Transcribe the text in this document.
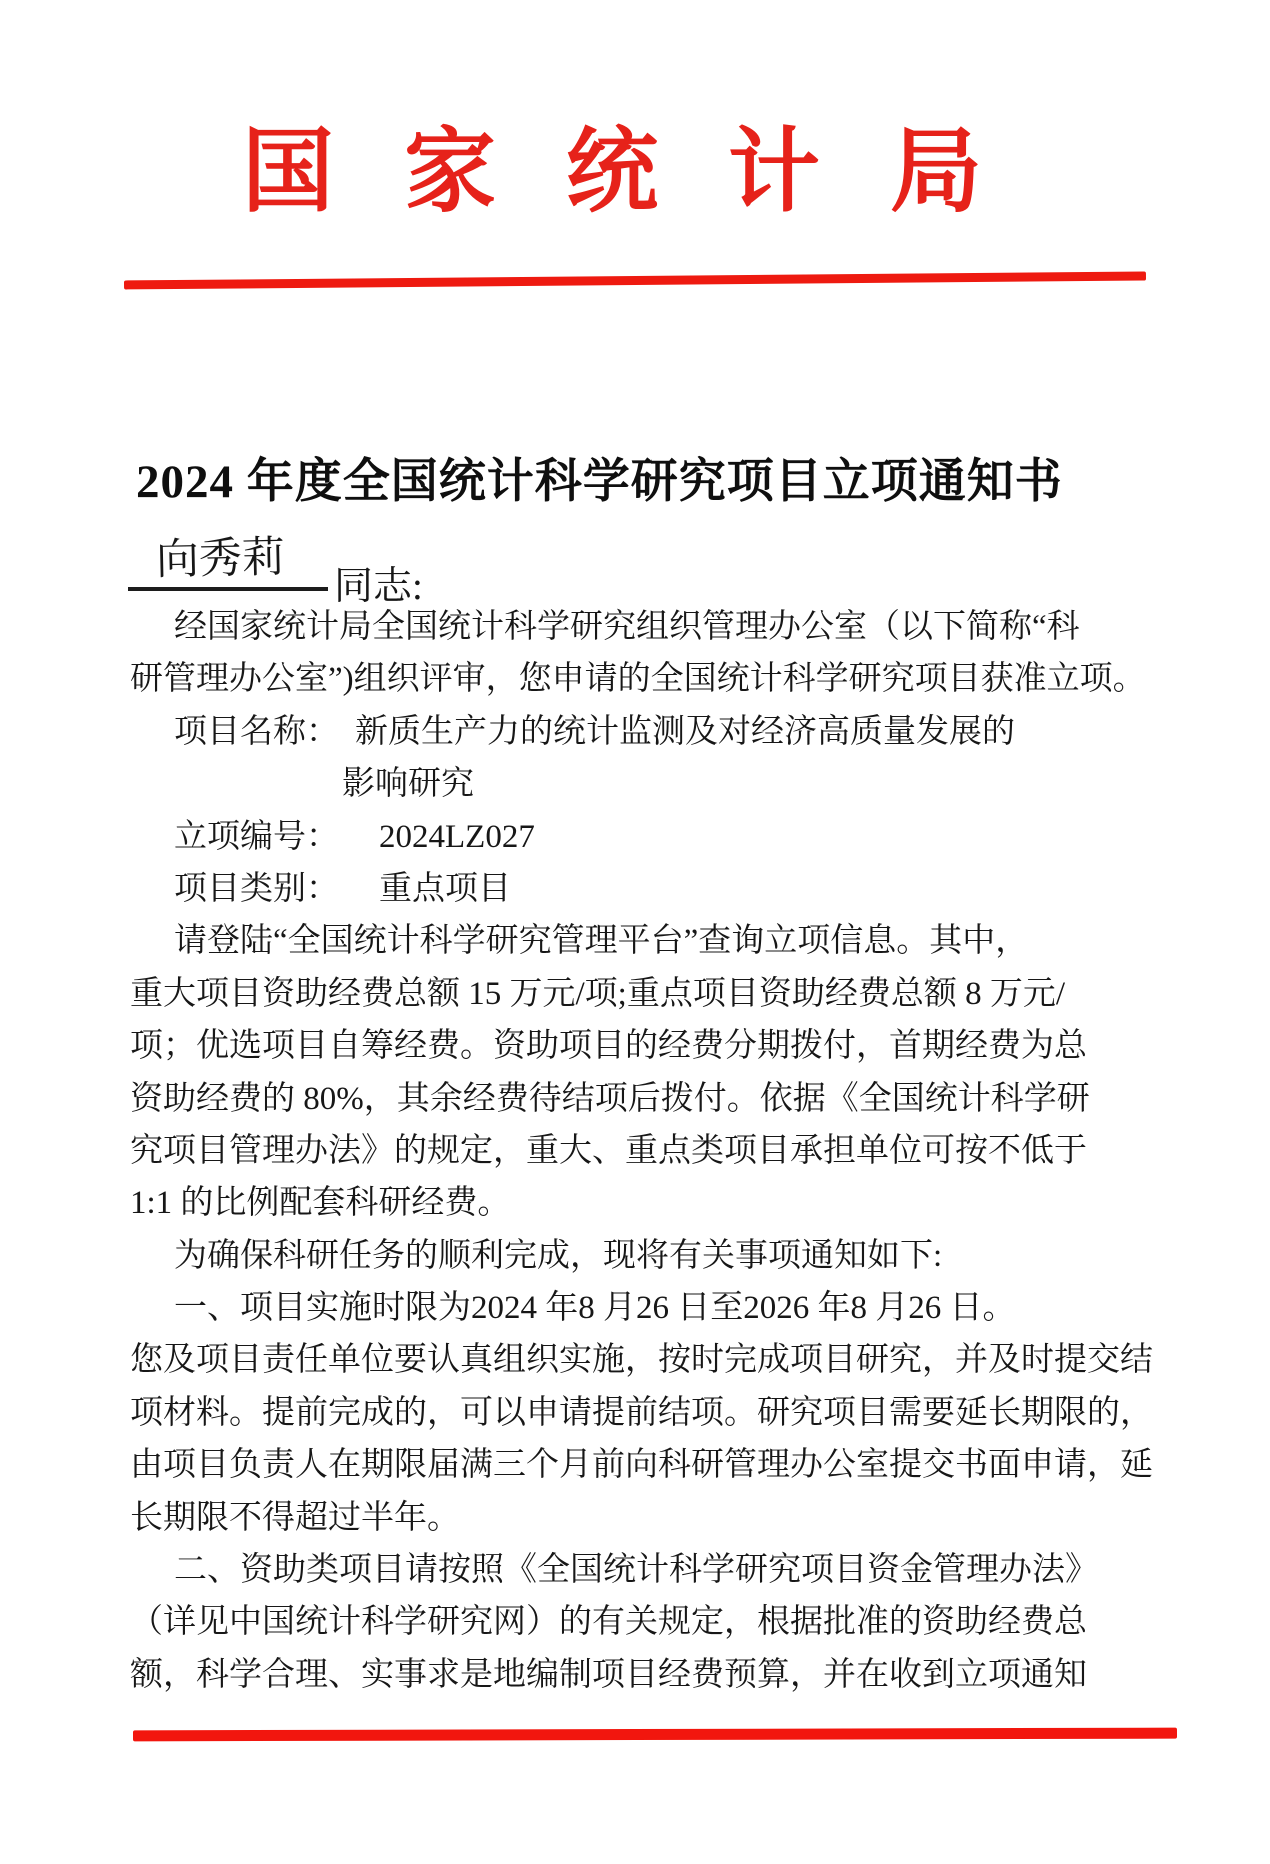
国家统计局
2024 年度全国统计科学研究项目立项通知书
向秀莉
同志:
经国家统计局全国统计科学研究组织管理办公室（以下简称“科
研管理办公室”)组织评审，您申请的全国统计科学研究项目获准立项。
项目名称： 新质生产力的统计监测及对经济高质量发展的
影响研究
立项编号： 2024LZ027
项目类别： 重点项目
请登陆“全国统计科学研究管理平台”查询立项信息。其中，
重大项目资助经费总额 15 万元/项;重点项目资助经费总额 8 万元/
项；优选项目自筹经费。资助项目的经费分期拨付，首期经费为总
资助经费的 80%，其余经费待结项后拨付。依据《全国统计科学研
究项目管理办法》的规定，重大、重点类项目承担单位可按不低于
1:1 的比例配套科研经费。
为确保科研任务的顺利完成，现将有关事项通知如下:
一、项目实施时限为2024 年8 月26 日至2026 年8 月26 日。
您及项目责任单位要认真组织实施，按时完成项目研究，并及时提交结
项材料。提前完成的，可以申请提前结项。研究项目需要延长期限的，
由项目负责人在期限届满三个月前向科研管理办公室提交书面申请，延
长期限不得超过半年。
二、资助类项目请按照《全国统计科学研究项目资金管理办法》
（详见中国统计科学研究网）的有关规定，根据批准的资助经费总
额，科学合理、实事求是地编制项目经费预算，并在收到立项通知
